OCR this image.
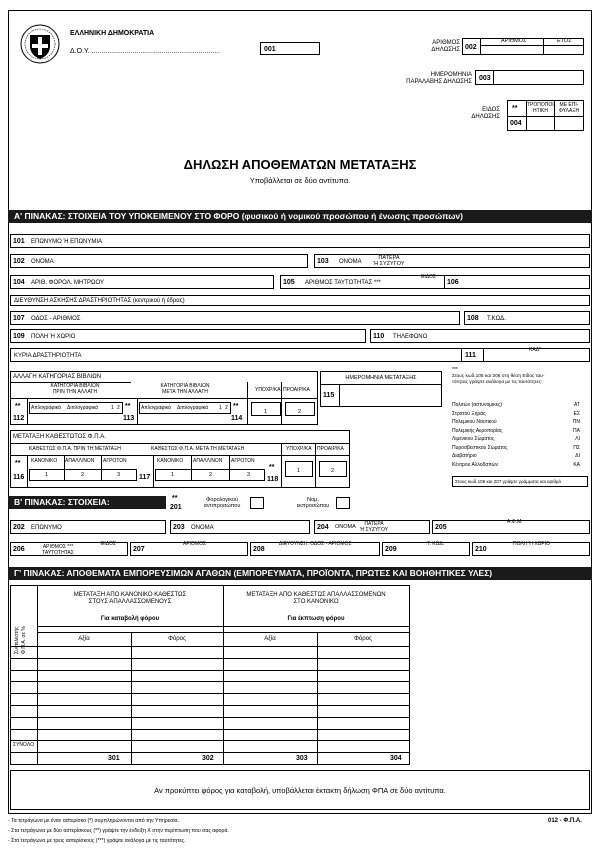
ΕΛΛΗΝΙΚΗ ΔΗΜΟΚΡΑΤΙΑ
Δ.Ο.Υ. ..................................................................	001
ΑΡΙΘΜΟΣ
ΔΗΛΩΣΗΣ 002
ΑΡΙΘΜΟΣ	ΕΤΟΣ
ΗΜΕΡΟΜΗΝΙΑ
ΠΑΡΑΛΑΒΗΣ ΔΗΛΩΣΗΣ 003
ΕΙΔΟΣ
ΔΗΛΩΣΗΣ
**
004
ΤΡΟΠΟΠΟΙ-
ΗΤΙΚΗ
ΜΕ ΕΠΙ-
ΦΥΛΑΞΗ
ΔΗΛΩΣΗ ΑΠΟΘΕΜΑΤΩΝ ΜΕΤΑΤΑΞΗΣ
Υποβάλλεται σε δύο αντίτυπα.
Α' ΠΙΝΑΚΑΣ: ΣΤΟΙΧΕΙΑ ΤΟΥ ΥΠΟΚΕΙΜΕΝΟΥ ΣΤΟ ΦΟΡΟ (φυσικού ή νομικού προσώπου ή ένωσης προσώπων)
101 ΕΠΩΝΥΜΟ Ή ΕΠΩΝΥΜΙΑ
102 ΟΝΟΜΑ	103 ΟΝΟΜΑ
ΠΑΤΕΡΑ
Ή ΣΥΖΥΓΟΥ
104 ΑΡΙΘ. ΦΟΡΟΛ. ΜΗΤΡΩΟΥ	105 ΑΡΙΘΜΟΣ ΤΑΥΤΟΤΗΤΑΣ ***
ΕΙΔΟΣ
106
ΔΙΕΥΘΥΝΣΗ ΑΣΚΗΣΗΣ ΔΡΑΣΤΗΡΙΟΤΗΤΑΣ (κεντρικού ή έδρας)
107 ΟΔΟΣ - ΑΡΙΘΜΟΣ	108 Τ.ΚΩΔ.
109 ΠΟΛΗ Ή ΧΩΡΙΟ	110 ΤΗΛΕΦΩΝΟ
ΚΥΡΙΑ ΔΡΑΣΤΗΡΙΟΤΗΤΑ
ΚΑΔ*
111
ΑΛΛΑΓΗ ΚΑΤΗΓΟΡΙΑΣ ΒΙΒΛΙΩΝ
ΚΑΤΗΓΟΡΙΑ ΒΙΒΛΙΩΝ
ΠΡΙΝ ΤΗΝ ΑΛΛΑΓΗ
ΚΑΤΗΓΟΡΙΑ ΒΙΒΛΙΩΝ
ΜΕΤΑ ΤΗΝ ΑΛΛΑΓΗ	ΥΠΟΧΡ/ΚΑ ΠΡΟΑΙΡ/ΚΑ
**
112
Απλογραφικά Διπλογραφικά	1 2 **
113
Απλογραφικά Διπλογραφικά 1 2 **
114
1	2
ΗΜΕΡΟΜΗΝΙΑ ΜΕΤΑΤΑΞΗΣ
115
***
Στους κωδ.105 και 206 στη θέση Είδος ταυ-
τότητας γράψτε ανάλογα με τις ταυτότητες:
Πολιτών (αστυνομικές)	ΑΤ
Στρατού Ξηράς	ΕΣ
Πολεμικού Ναυτικού	ΠΝ
Πολεμικής Αεροπορίας	ΠΑ
Λιμενικού Σώματος	ΛΙ
Πυροσβεστικού Σώματος	ΠΣ
Διαβατήριο	ΔΙ
Κέντρου Αλλοδαπών	ΚΑ
Στους κωδ.106 και 207 γράψτε γράμματα και αριθμό
ΜΕΤΑΤΑΞΗ ΚΑΘΕΣΤΩΤΟΣ Φ.Π.Α.
ΚΑΘΕΣΤΩΣ Φ.Π.Α. ΠΡΙΝ ΤΗ ΜΕΤΑΤΑΞΗ	ΚΑΘΕΣΤΩΣ Φ.Π.Α. ΜΕΤΑ ΤΗ ΜΕΤΑΤΑΞΗ	ΥΠΟΧΡ/ΚΑ ΠΡΟΑΙΡ/ΚΑ
**
116
ΚΑΝΟΝΙΚΟ ΑΠΑΛΛ/ΝΩΝ ΑΓΡΟΤΩΝ
1	2	3	117
ΚΑΝΟΝΙΚΟ ΑΠΑΛΛ/ΝΩΝ ΑΓΡΟΤΩΝ
1	2	3
**
118
1	2
Β' ΠΙΝΑΚΑΣ: ΣΤΟΙΧΕΙΑ:	**
201
Φορολογικού
αντιπροσώπου
Νομ.
εκπροσώπου
202 ΕΠΩΝΥΜΟ	203 ΟΝΟΜΑ	204 ΟΝΟΜΑ	ΠΑΤΕΡΑ
Ή ΣΥΖΥΓΟΥ	205
Α.Φ.Μ.
206	ΑΡΙΘΜΟΣ ***
ΤΑΥΤΟΤΗΤΑΣ
ΕΙΔΟΣ
207
ΑΡΙΘΜΟΣ
208
ΔΙΕΥΘΥΝΣΗ: ΟΔΟΣ - ΑΡΙΘΜΟΣ
209
Τ. ΚΩΔ.
210
ΠΟΛΗ Ή ΧΩΡΙΟ
Γ' ΠΙΝΑΚΑΣ: ΑΠΟΘΕΜΑΤΑ ΕΜΠΟΡΕΥΣΙΜΩΝ ΑΓΑΘΩΝ (ΕΜΠΟΡΕΥΜΑΤΑ, ΠΡΟΪΟΝΤΑ, ΠΡΩΤΕΣ ΚΑΙ ΒΟΗΘΗΤΙΚΕΣ ΥΛΕΣ)
Συντελεστής Φ.Π.Α. σε %
ΜΕΤΑΤΑΞΗ ΑΠΟ ΚΑΝΟΝΙΚΟ ΚΑΘΕΣΤΩΣ
ΣΤΟΥΣ ΑΠΑΛΛΑΣΣΟΜΕΝΟΥΣ
Για καταβολή φόρου
ΜΕΤΑΤΑΞΗ ΑΠΟ ΚΑΘΕΣΤΩΣ ΑΠΑΛΛΑΣΣΟΜΕΝΩΝ
ΣΤΟ ΚΑΝΟΝΙΚΟ
Για έκπτωση φόρου
Αξία	Φόρος	Αξία	Φόρος
ΣΥΝΟΛΟ
301	302	303	304
Αν προκύπτει φόρος για καταβολή, υποβάλλεται έκτακτη δήλωση ΦΠΑ σε δύο αντίτυπα.
- Τα τετράγωνα με έναν αστερίσκο (*) συμπληρώνονται από την Υπηρεσία.
- Στα τετράγωνα με δύο αστερίσκους (**) γράψτε την ένδειξη Χ στην περίπτωση που σας αφορά.
- Στα τετράγωνα με τρεις αστερίσκους (***) γράψτε ανάλογα με τις ταυτότητες.
012 - Φ.Π.Α.
